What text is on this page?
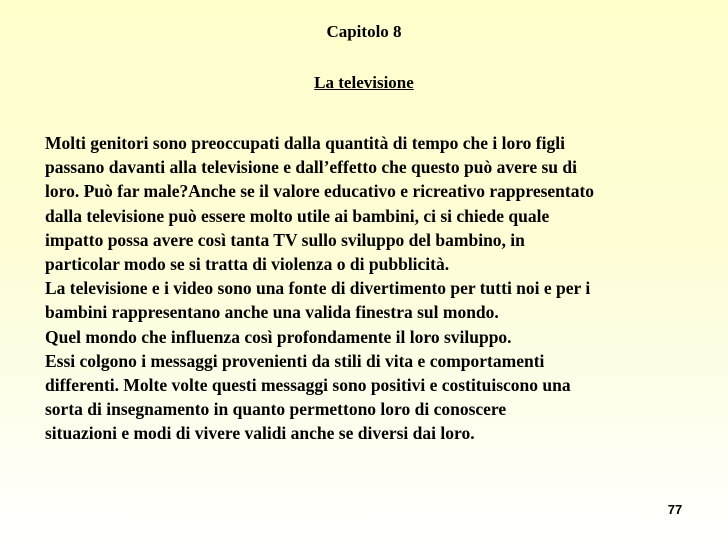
Capitolo 8
La televisione
Molti genitori sono preoccupati dalla quantità di tempo che i loro figli
passano davanti alla televisione e dall’effetto che questo può avere su di
loro. Può far male?Anche se il valore educativo e ricreativo rappresentato
dalla televisione può essere molto utile ai bambini, ci si chiede quale
impatto possa avere così tanta TV sullo sviluppo del bambino, in
particolar modo se si tratta di violenza o di pubblicità.
La televisione e i video sono una fonte di divertimento per tutti noi e per i
bambini rappresentano anche una valida finestra sul mondo.
Quel mondo che influenza così profondamente il loro sviluppo.
Essi colgono i messaggi provenienti da stili di vita e comportamenti
differenti. Molte volte questi messaggi sono positivi e costituiscono una
sorta di insegnamento in quanto permettono loro di conoscere
situazioni e modi di vivere validi anche se diversi dai loro.
77
